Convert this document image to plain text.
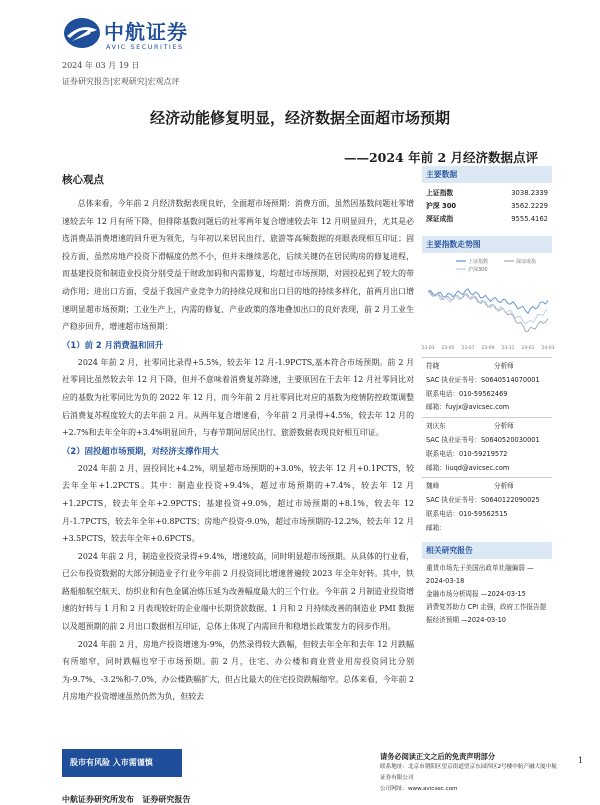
中航证券
AVIC SECURITIES
2024 年 03 月 19 日
证券研究报告|宏观研究|宏观点评
经济动能修复明显，经济数据全面超市场预期
——2024 年前 2 月经济数据点评
核心观点

总体来看，今年前 2 月经济数据表现良好，全面超市场预期：消费方面，虽然因基数问题社零增速较去年 12 月有所下降，但排除基数问题后的社零两年复合增速较去年 12 月明显回升，尤其是必选消费品消费增速的回升更为领先，与年初以来居民出行、旅游等高频数据的亮眼表现相互印证；固投方面，虽然房地产投资下滑幅度仍然不小，但并未继续恶化，后续关键仍在居民购房的修复进程，而基建投资和制造业投资分别受益于财政加码和内需修复，均超过市场预期，对固投起到了较大的带动作用；进出口方面，受益于我国产业竞争力的持续兑现和出口目的地的持续多样化，前两月出口增速明显超市场预期；工业生产上，内需的修复、产业政策的落地叠加出口的良好表现，前 2 月工业生产稳步回升，增速超市场预期：

（1）前 2 月消费温和回升

2024 年前 2 月，社零同比录得+5.5%，较去年 12 月-1.9PCTS,基本符合市场预期。前 2 月社零同比虽然较去年 12 月下降，但并不意味着消费复苏降速，主要原因在于去年 12 月社零同比对应的基数为社零同比为负的 2022 年 12 月，而今年前 2 月社零同比对应的基数为疫情防控政策调整后消费复苏程度较大的去年前 2 月。从两年复合增速看，今年前 2 月录得+4.5%，较去年 12 月的+2.7%和去年全年的+3.4%明显回升，与春节期间居民出行、旅游数据表现良好相互印证。

（2）固投超市场预期，对经济支撑作用大

2024 年前 2 月，固投同比+4.2%，明显超市场预期的+3.0%，较去年 12 月+0.1PCTS，较去年全年+1.2PCTS。其中：制造业投资+9.4%，超过市场预期的+7.4%，较去年 12 月+1.2PCTS，较去年全年+2.9PCTS；基建投资+9.0%，超过市场预期的+8.1%，较去年 12 月-1.7PCTS，较去年全年+0.8PCTS；房地产投资-9.0%，超过市场预期的-12.2%，较去年 12 月+3.5PCTS，较去年全年+0.6PCTS。

2024 年前 2 月，制造业投资录得+9.4%，增速较高，同时明显超市场预期。从具体的行业看，已公布投资数据的大部分制造业子行业今年前 2 月投资同比增速普遍较 2023 年全年好转。其中，铁路船舶航空航天、纺织业和有色金属冶炼压延为改善幅度最大的三个行业。今年前 2 月制造业投资增速的好转与 1 月和 2 月表现较好的企业端中长期贷款数据、1 月和 2 月持续改善的制造业 PMI 数据以及超预期的前 2 月出口数据相互印证，总体上体现了内需回升和稳增长政策发力的同步作用。

2024 年前 2 月，房地产投资增速为-9%，仍然录得较大跌幅，但较去年全年和去年 12 月跌幅有所缩窄，同时跌幅也窄于市场预期。前 2 月，住宅、办公楼和商业营业用房投资同比分别为-9.7%、-3.2%和-7.0%，办公楼跌幅扩大，但占比最大的住宅投资跌幅缩窄。总体来看，今年前 2 月房地产投资增速虽然仍然为负，但较去

主要数据
上证指数	3038.2339
沪深 300	3562.2229
深证成指	9555.4162
主要指数走势图
上证指数	深证成指
沪深300
23-03 23-05 23-07 23-09 23-11 24-01 24-03
符晓	分析师
SAC 执业证书号：S0640514070001
联系电话：010-59562469
邮箱：fuyjx@avicsec.com
刘庆东	分析师
SAC 执业证书号：S0640520030001
联系电话：010-59219572
邮箱：liuqd@avicsec.com
魏峰	分析师
SAC 执业证书号：S0640122090025
联系电话：010-59562515
邮箱：
相关研究报告
重货市场先于美国出政单社融偏弱 —2024-03-18
金融市场分析周报 —2024-03-15
消费复苏助力 CPI 走强，政府工作报告提振经济预期 —2024-03-10
股市有风险 入市需谨慎
请务必阅读正文之后的免责声明部分
联系地址：北京市朝阳区望京街道望京东园四区2号楼中航产融大厦中航证券有限公司
公司网址：www.avicsec.com
1
中航证券研究所发布 证券研究报告
